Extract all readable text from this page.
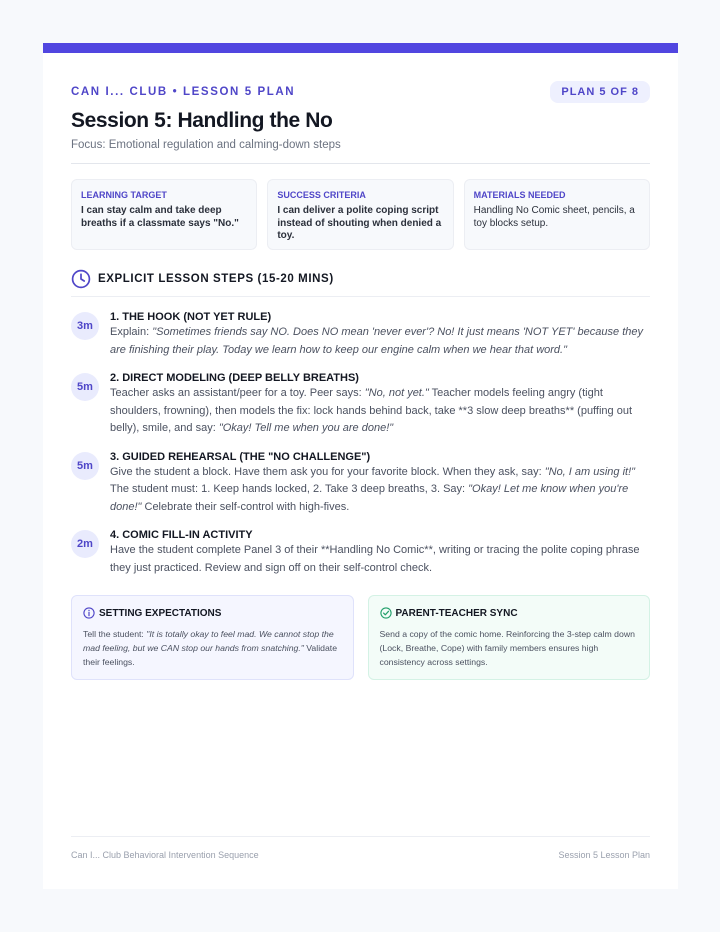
CAN I... CLUB • LESSON 5 PLAN	PLAN 5 OF 8
Session 5: Handling the No
Focus: Emotional regulation and calming-down steps
LEARNING TARGET
I can stay calm and take deep breaths if a classmate says "No."
SUCCESS CRITERIA
I can deliver a polite coping script instead of shouting when denied a toy.
MATERIALS NEEDED
Handling No Comic sheet, pencils, a toy blocks setup.
EXPLICIT LESSON STEPS (15-20 MINS)
3m
1. THE HOOK (NOT YET RULE)
Explain: "Sometimes friends say NO. Does NO mean 'never ever'? No! It just means 'NOT YET' because they are finishing their play. Today we learn how to keep our engine calm when we hear that word."
5m
2. DIRECT MODELING (DEEP BELLY BREATHS)
Teacher asks an assistant/peer for a toy. Peer says: "No, not yet." Teacher models feeling angry (tight shoulders, frowning), then models the fix: lock hands behind back, take **3 slow deep breaths** (puffing out belly), smile, and say: "Okay! Tell me when you are done!"
5m
3. GUIDED REHEARSAL (THE "NO CHALLENGE")
Give the student a block. Have them ask you for your favorite block. When they ask, say: "No, I am using it!" The student must: 1. Keep hands locked, 2. Take 3 deep breaths, 3. Say: "Okay! Let me know when you're done!" Celebrate their self-control with high-fives.
2m
4. COMIC FILL-IN ACTIVITY
Have the student complete Panel 3 of their **Handling No Comic**, writing or tracing the polite coping phrase they just practiced. Review and sign off on their self-control check.
SETTING EXPECTATIONS
Tell the student: "It is totally okay to feel mad. We cannot stop the mad feeling, but we CAN stop our hands from snatching." Validate their feelings.
PARENT-TEACHER SYNC
Send a copy of the comic home. Reinforcing the 3-step calm down (Lock, Breathe, Cope) with family members ensures high consistency across settings.
Can I... Club Behavioral Intervention Sequence	Session 5 Lesson Plan
